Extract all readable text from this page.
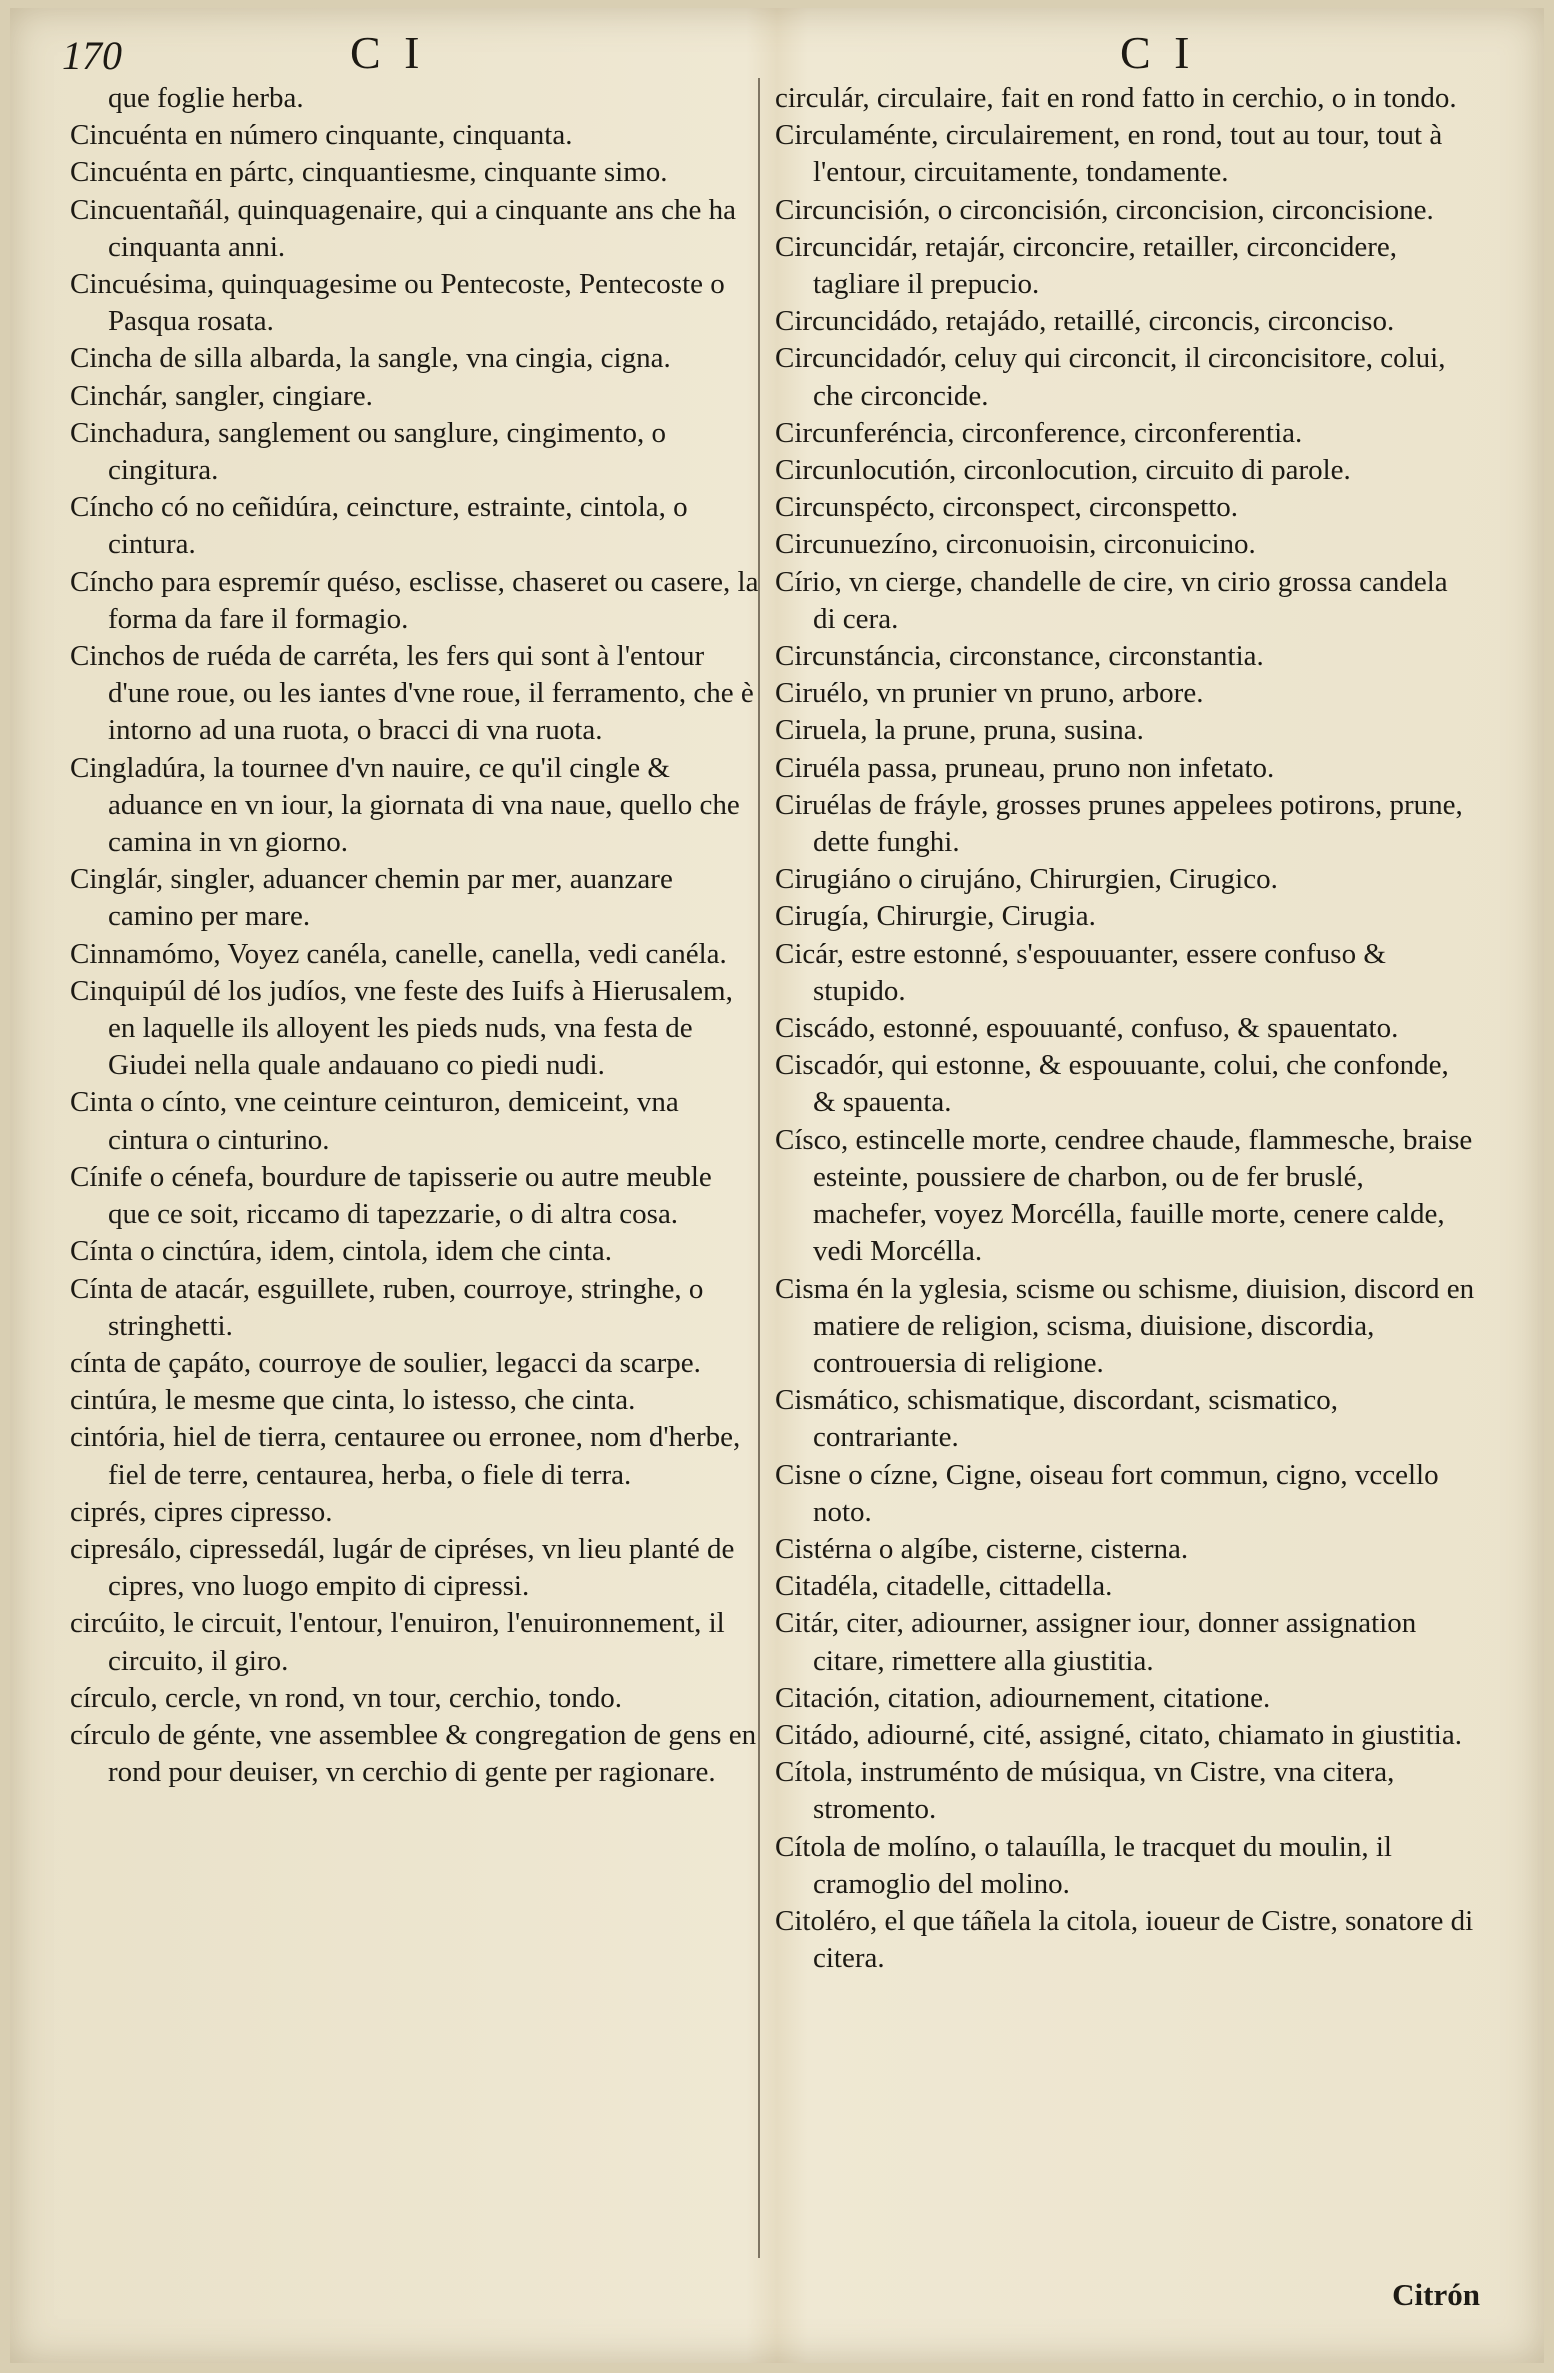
170	C I	C I

que foglie herba.

Cincuénta en número cinquante, cinquanta.

Cincuénta en pártc, cinquantiesme, cinquante simo.

Cincuentañál, quinquagenaire, qui a cinquante ans che ha cinquanta anni.

Cincuésima, quinquagesime ou Pentecoste, Pentecoste o Pasqua rosata.

Cincha de silla albarda, la sangle, vna cingia, cigna.

Cinchár, sangler, cingiare.

Cinchadura, sanglement ou sanglure, cingimento, o cingitura.

Cíncho có no ceñidúra, ceincture, estrainte, cintola, o cintura.

Cíncho para espremír quéso, esclisse, chaseret ou casere, la forma da fare il formagio.

Cinchos de ruéda de carréta, les fers qui sont à l'entour d'une roue, ou les iantes d'vne roue, il ferramento, che è intorno ad una ruota, o bracci di vna ruota.

Cingladúra, la tournee d'vn nauire, ce qu'il cingle & aduance en vn iour, la giornata di vna naue, quello che camina in vn giorno.

Cinglár, singler, aduancer chemin par mer, auanzare camino per mare.

Cinnamómo, Voyez canéla, canelle, canella, vedi canéla.

Cinquipúl dé los judíos, vne feste des Iuifs à Hierusalem, en laquelle ils alloyent les pieds nuds, vna festa de Giudei nella quale andauano co piedi nudi.

Cinta o cínto, vne ceinture ceinturon, demiceint, vna cintura o cinturino.

Cínife o cénefa, bourdure de tapisserie ou autre meuble que ce soit, riccamo di tapezzarie, o di altra cosa.

Cínta o cinctúra, idem, cintola, idem che cinta.

Cínta de atacár, esguillete, ruben, courroye, stringhe, o stringhetti.

cínta de çapáto, courroye de soulier, legacci da scarpe.

cintúra, le mesme que cinta, lo istesso, che cinta.

cintória, hiel de tierra, centauree ou erronee, nom d'herbe, fiel de terre, centaurea, herba, o fiele di terra.

ciprés, cipres cipresso.

cipresálo, cipressedál, lugár de cipréses, vn lieu planté de cipres, vno luogo empito di cipressi.

circúito, le circuit, l'entour, l'enuiron, l'enuironnement, il circuito, il giro.

círculo, cercle, vn rond, vn tour, cerchio, tondo.

círculo de génte, vne assemblee & congregation de gens en rond pour deuiser, vn cerchio di gente per ragionare.

circulár, circulaire, fait en rond fatto in cerchio, o in tondo.

Circulaménte, circulairement, en rond, tout au tour, tout à l'entour, circuitamente, tondamente.

Circuncisión, o circoncisión, circoncision, circoncisione.

Circuncidár, retajár, circoncire, retailler, circoncidere, tagliare il prepucio.

Circuncidádo, retajádo, retaillé, circoncis, circonciso.

Circuncidadór, celuy qui circoncit, il circoncisitore, colui, che circoncide.

Circunferéncia, circonference, circonferentia.

Circunlocutión, circonlocution, circuito di parole.

Circunspécto, circonspect, circonspetto.

Circunuezíno, circonuoisin, circonuicino.

Círio, vn cierge, chandelle de cire, vn cirio grossa candela di cera.

Circunstáncia, circonstance, circonstantia.

Ciruélo, vn prunier vn pruno, arbore.

Ciruela, la prune, pruna, susina.

Ciruéla passa, pruneau, pruno non infetato.

Ciruélas de fráyle, grosses prunes appelees potirons, prune, dette funghi.

Cirugiáno o cirujáno, Chirurgien, Cirugico.

Cirugía, Chirurgie, Cirugia.

Cicár, estre estonné, s'espouuanter, essere confuso & stupido.

Ciscádo, estonné, espouuanté, confuso, & spauentato.

Ciscadór, qui estonne, & espouuante, colui, che confonde, & spauenta.

Císco, estincelle morte, cendree chaude, flammesche, braise esteinte, poussiere de charbon, ou de fer bruslé, machefer, voyez Morcélla, fauille morte, cenere calde, vedi Morcélla.

Cisma én la yglesia, scisme ou schisme, diuision, discord en matiere de religion, scisma, diuisione, discordia, controuersia di religione.

Cismático, schismatique, discordant, scismatico, contrariante.

Cisne o cízne, Cigne, oiseau fort commun, cigno, vccello noto.

Cistérna o algíbe, cisterne, cisterna.

Citadéla, citadelle, cittadella.

Citár, citer, adiourner, assigner iour, donner assignation citare, rimettere alla giustitia.

Citación, citation, adiournement, citatione.

Citádo, adiourné, cité, assigné, citato, chiamato in giustitia.

Cítola, instruménto de músiqua, vn Cistre, vna citera, stromento.

Cítola de molíno, o talauílla, le tracquet du moulin, il cramoglio del molino.

Citoléro, el que táñela la citola, ioueur de Cistre, sonatore di citera.

Citrón
